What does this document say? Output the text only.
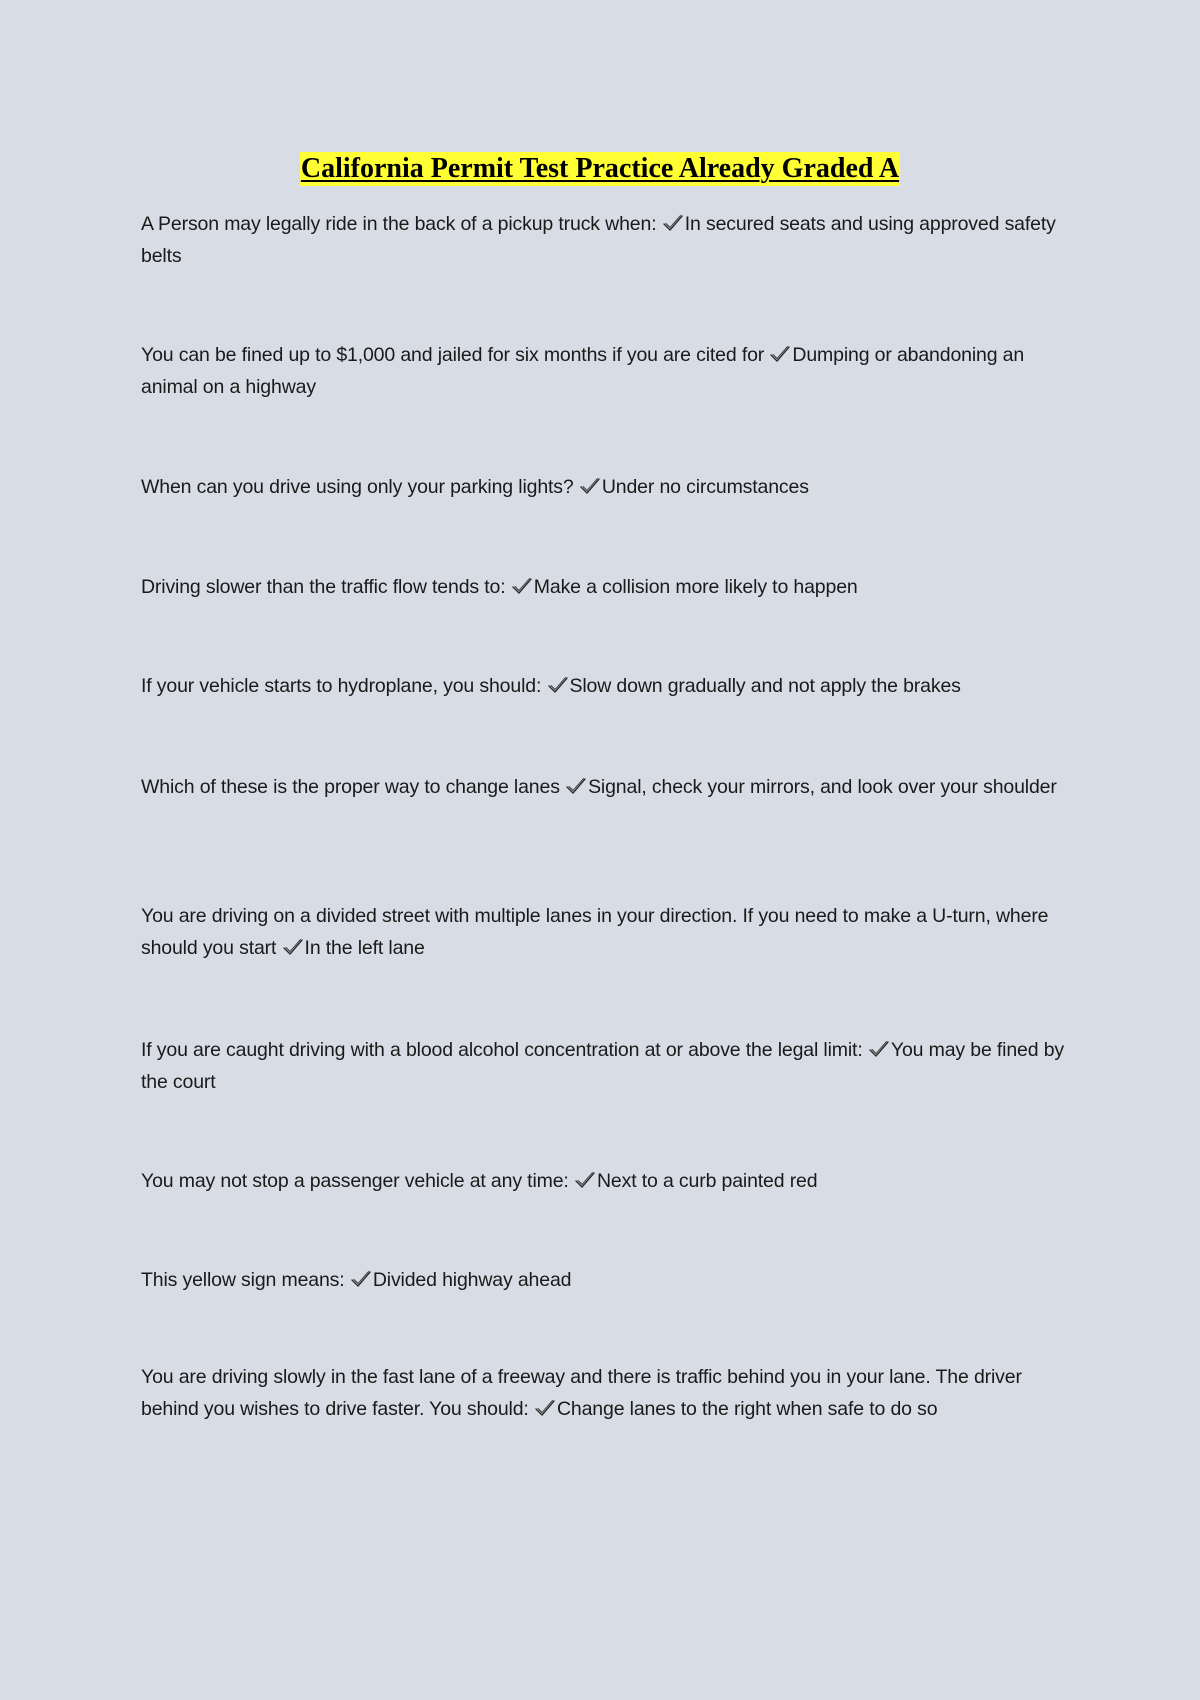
California Permit Test Practice Already Graded A
A Person may legally ride in the back of a pickup truck when: In secured seats and using approved safety belts
You can be fined up to $1,000 and jailed for six months if you are cited for Dumping or abandoning an animal on a highway
When can you drive using only your parking lights? Under no circumstances
Driving slower than the traffic flow tends to: Make a collision more likely to happen
If your vehicle starts to hydroplane, you should: Slow down gradually and not apply the brakes
Which of these is the proper way to change lanes Signal, check your mirrors, and look over your shoulder
You are driving on a divided street with multiple lanes in your direction. If you need to make a U-turn, where should you start In the left lane
If you are caught driving with a blood alcohol concentration at or above the legal limit: You may be fined by the court
You may not stop a passenger vehicle at any time: Next to a curb painted red
This yellow sign means: Divided highway ahead
You are driving slowly in the fast lane of a freeway and there is traffic behind you in your lane. The driver behind you wishes to drive faster. You should: Change lanes to the right when safe to do so
